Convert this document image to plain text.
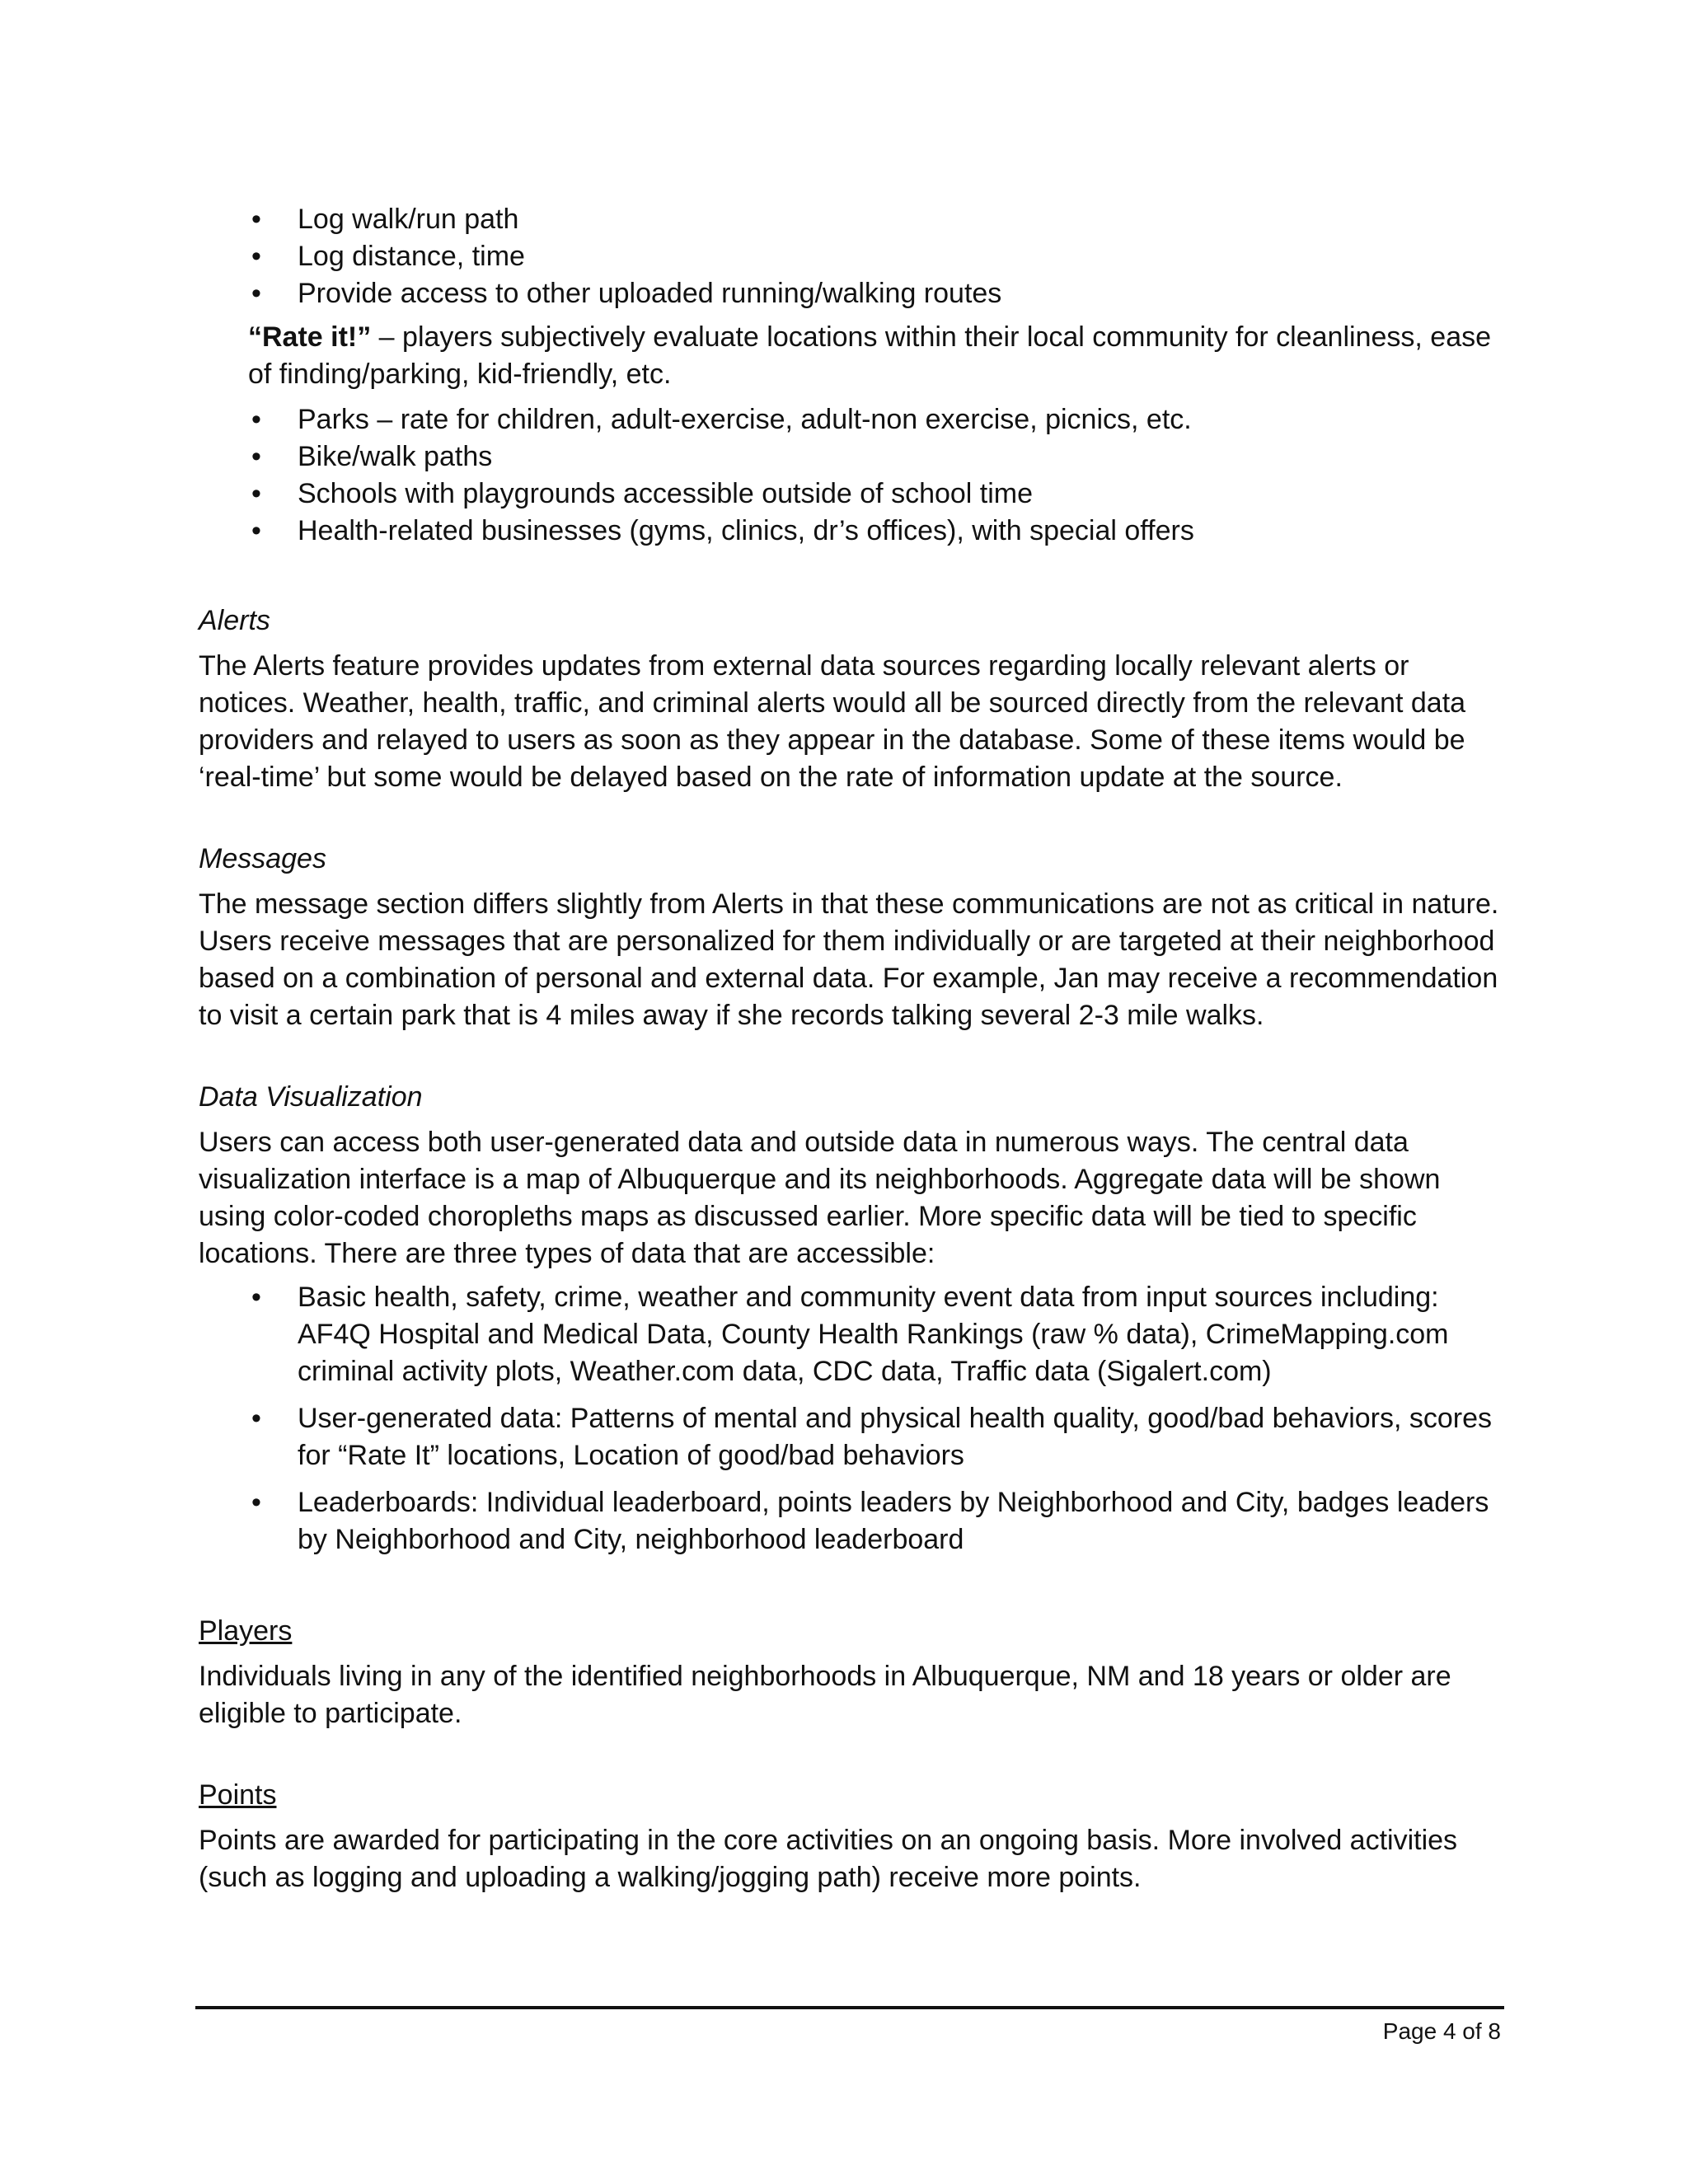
• Log walk/run path
• Log distance, time
• Provide access to other uploaded running/walking routes

“Rate it!” – players subjectively evaluate locations within their local community for cleanliness, ease of finding/parking, kid-friendly, etc.

• Parks – rate for children, adult-exercise, adult-non exercise, picnics, etc.
• Bike/walk paths
• Schools with playgrounds accessible outside of school time
• Health-related businesses (gyms, clinics, dr’s offices), with special offers
Alerts

The Alerts feature provides updates from external data sources regarding locally relevant alerts or notices. Weather, health, traffic, and criminal alerts would all be sourced directly from the relevant data providers and relayed to users as soon as they appear in the database. Some of these items would be ‘real-time’ but some would be delayed based on the rate of information update at the source.

Messages

The message section differs slightly from Alerts in that these communications are not as critical in nature. Users receive messages that are personalized for them individually or are targeted at their neighborhood based on a combination of personal and external data. For example, Jan may receive a recommendation to visit a certain park that is 4 miles away if she records talking several 2-3 mile walks.

Data Visualization

Users can access both user-generated data and outside data in numerous ways. The central data visualization interface is a map of Albuquerque and its neighborhoods. Aggregate data will be shown using color-coded choropleths maps as discussed earlier. More specific data will be tied to specific locations. There are three types of data that are accessible:

• Basic health, safety, crime, weather and community event data from input sources including: AF4Q Hospital and Medical Data, County Health Rankings (raw % data), CrimeMapping.com criminal activity plots, Weather.com data, CDC data, Traffic data (Sigalert.com)
• User-generated data: Patterns of mental and physical health quality, good/bad behaviors, scores for “Rate It” locations, Location of good/bad behaviors
• Leaderboards: Individual leaderboard, points leaders by Neighborhood and City, badges leaders by Neighborhood and City, neighborhood leaderboard
Players

Individuals living in any of the identified neighborhoods in Albuquerque, NM and 18 years or older are eligible to participate.

Points

Points are awarded for participating in the core activities on an ongoing basis. More involved activities (such as logging and uploading a walking/jogging path) receive more points.

Page 4 of 8
